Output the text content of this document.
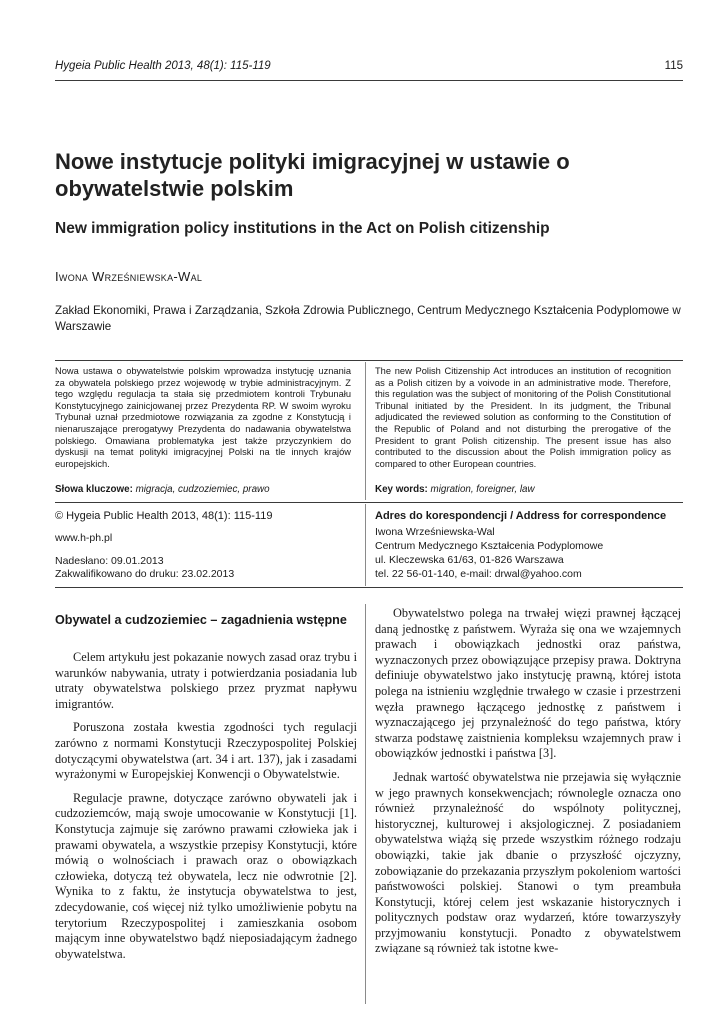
Hygeia Public Health 2013, 48(1): 115-119	115
Nowe instytucje polityki imigracyjnej w ustawie o obywatelstwie polskim
New immigration policy institutions in the Act on Polish citizenship
Iwona Wrześniewska-Wal
Zakład Ekonomiki, Prawa i Zarządzania, Szkoła Zdrowia Publicznego, Centrum Medycznego Kształcenia Podyplomowe w Warszawie
Nowa ustawa o obywatelstwie polskim wprowadza instytucję uznania za obywatela polskiego przez wojewodę w trybie administracyjnym. Z tego względu regulacja ta stała się przedmiotem kontroli Trybunału Konstytucyjnego zainicjowanej przez Prezydenta RP. W swoim wyroku Trybunał uznał przedmiotowe rozwiązania za zgodne z Konstytucją i nienaruszające prerogatywy Prezydenta do nadawania obywatelstwa polskiego. Omawiana problematyka jest także przyczynkiem do dyskusji na temat polityki imigracyjnej Polski na tle innych krajów europejskich.
The new Polish Citizenship Act introduces an institution of recognition as a Polish citizen by a voivode in an administrative mode. Therefore, this regulation was the subject of monitoring of the Polish Constitutional Tribunal initiated by the President. In its judgment, the Tribunal adjudicated the reviewed solution as conforming to the Constitution of the Republic of Poland and not disturbing the prerogative of the President to grant Polish citizenship. The present issue has also contributed to the discussion about the Polish immigration policy as compared to other European countries.
Słowa kluczowe: migracja, cudzoziemiec, prawo	Key words: migration, foreigner, law
© Hygeia Public Health 2013, 48(1): 115-119
www.h-ph.pl
Nadesłano: 09.01.2013
Zakwalifikowano do druku: 23.02.2013
Adres do korespondencji / Address for correspondence
Iwona Wrześniewska-Wal
Centrum Medycznego Kształcenia Podyplomowe
ul. Kleczewska 61/63, 01-826 Warszawa
tel. 22 56-01-140, e-mail: drwal@yahoo.com
Obywatel a cudzoziemiec – zagadnienia wstępne

Celem artykułu jest pokazanie nowych zasad oraz trybu i warunków nabywania, utraty i potwierdzania posiadania lub utraty obywatelstwa polskiego przez pryzmat napływu imigrantów.

Poruszona została kwestia zgodności tych regulacji zarówno z normami Konstytucji Rzeczypospolitej Polskiej dotyczącymi obywatelstwa (art. 34 i art. 137), jak i zasadami wyrażonymi w Europejskiej Konwencji o Obywatelstwie.

Regulacje prawne, dotyczące zarówno obywateli jak i cudzoziemców, mają swoje umocowanie w Konstytucji [1]. Konstytucja zajmuje się zarówno prawami człowieka jak i prawami obywatela, a wszystkie przepisy Konstytucji, które mówią o wolnościach i prawach oraz o obowiązkach człowieka, dotyczą też obywatela, lecz nie odwrotnie [2]. Wynika to z faktu, że instytucja obywatelstwa to jest, zdecydowanie, coś więcej niż tylko umożliwienie pobytu na terytorium Rzeczypospolitej i zamieszkania osobom mającym inne obywatelstwo bądź nieposiadającym żadnego obywatelstwa.

Obywatelstwo polega na trwałej więzi prawnej łączącej daną jednostkę z państwem. Wyraża się ona we wzajemnych prawach i obowiązkach jednostki oraz państwa, wyznaczonych przez obowiązujące przepisy prawa. Doktryna definiuje obywatelstwo jako instytucję prawną, której istota polega na istnieniu względnie trwałego w czasie i przestrzeni węzła prawnego łączącego jednostkę z państwem i wyznaczającego jej przynależność do tego państwa, który stwarza podstawę zaistnienia kompleksu wzajemnych praw i obowiązków jednostki i państwa [3].

Jednak wartość obywatelstwa nie przejawia się wyłącznie w jego prawnych konsekwencjach; równolegle oznacza ono również przynależność do wspólnoty politycznej, historycznej, kulturowej i aksjologicznej. Z posiadaniem obywatelstwa wiążą się przede wszystkim różnego rodzaju obowiązki, takie jak dbanie o przyszłość ojczyzny, zobowiązanie do przekazania przyszłym pokoleniom wartości państwowości polskiej. Stanowi o tym preambuła Konstytucji, której celem jest wskazanie historycznych i politycznych podstaw oraz wydarzeń, które towarzyszyły przyjmowaniu konstytucji. Ponadto z obywatelstwem związane są również tak istotne kwe-
